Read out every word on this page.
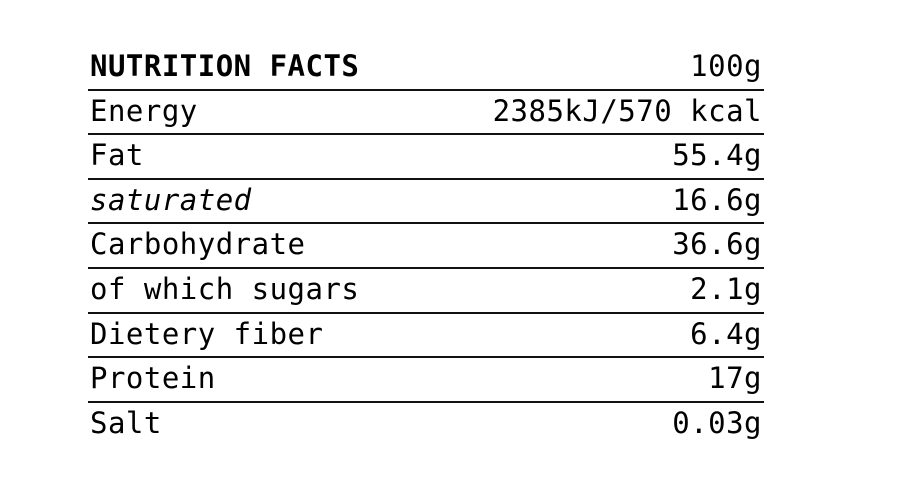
NUTRITION FACTS	100g
Energy	2385kJ/570 kcal
Fat	55.4g
saturated	16.6g
Carbohydrate	36.6g
of which sugars	2.1g
Dietery fiber	6.4g
Protein	17g
Salt	0.03g
